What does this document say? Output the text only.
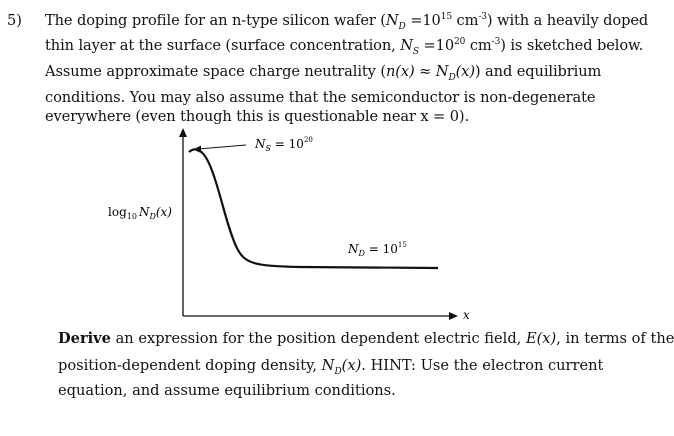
5) The doping profile for an n-type silicon wafer ($N_D =10^{15}$ $cm^{-3}$) with a heavily doped
thin layer at the surface (surface concentration, $N_S =10^{20}$ $cm^{-3}$) is sketched below.
Assume approximate space charge neutrality $(n(x) \approx N_D(x))$ and equilibrium
conditions. You may also assume that the semiconductor is non-degenerate
everywhere (even though this is questionable near x = 0).
$N_S = 10^{20}$
$\log_{10} N_D(x)$
$N_D = 10^{15}$
x
Derive an expression for the position dependent electric field, E(x), in terms of the
position-dependent doping density, $N_D(x)$. HINT: Use the electron current
equation, and assume equilibrium conditions.
